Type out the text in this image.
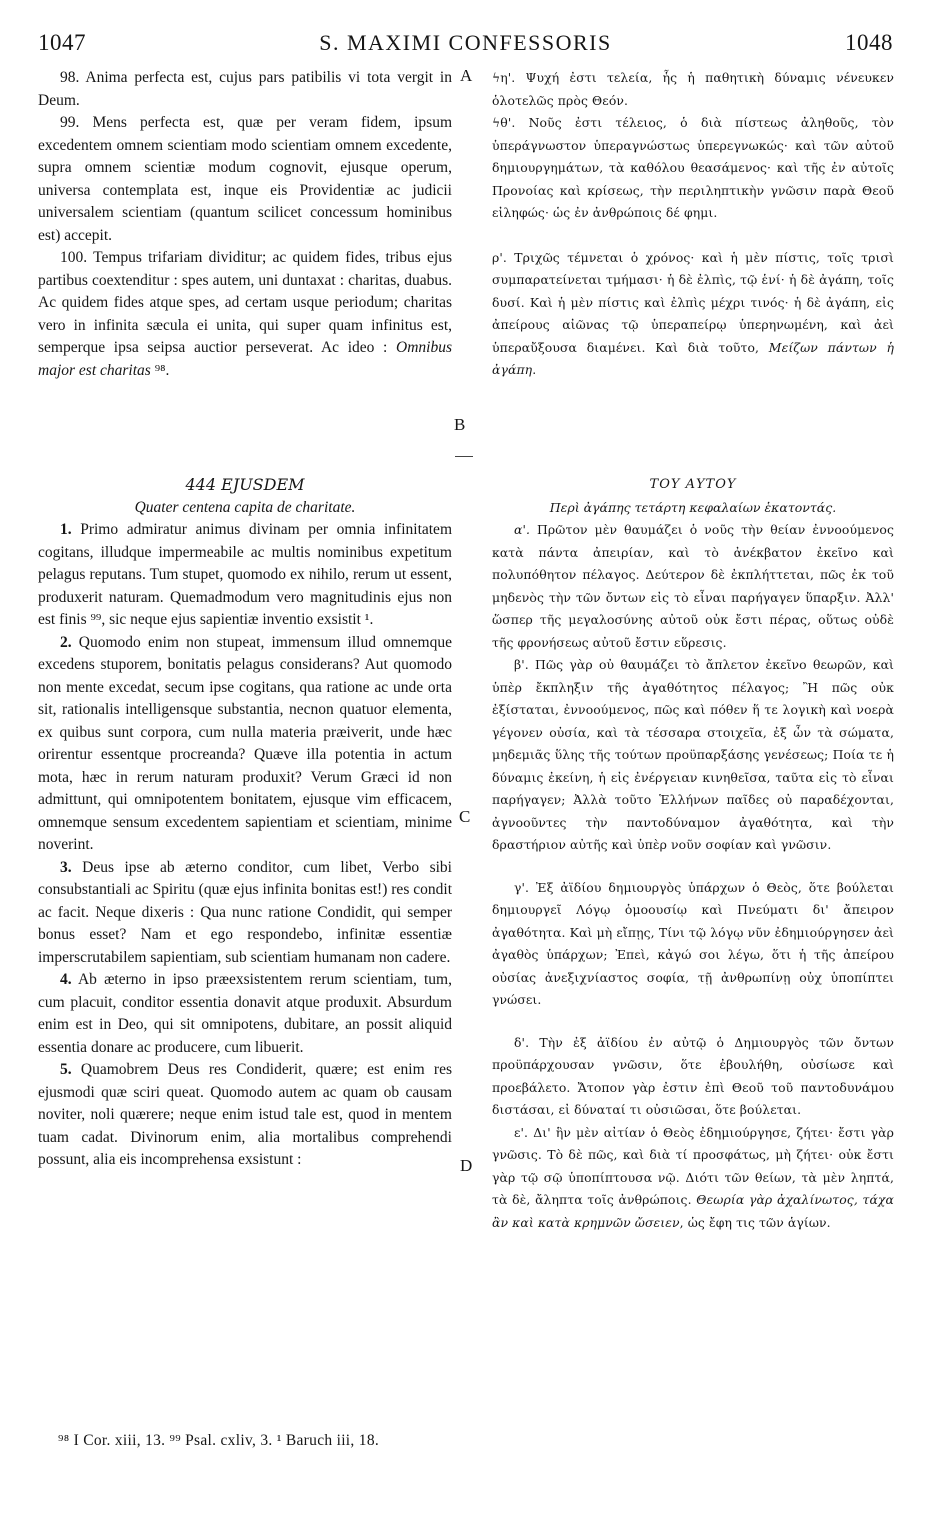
1047	S. MAXIMI CONFESSORIS	1048
A
B
C
D

98. Anima perfecta est, cujus pars patibilis vi tota vergit in Deum.

99. Mens perfecta est, quæ per veram fidem, ipsum excedentem omnem scientiam modo scientiam omnem excedente, supra omnem scientiæ modum cognovit, ejusque operum, universa contemplata est, inque eis Providentiæ ac judicii universalem scientiam (quantum scilicet concessum hominibus est) accepit.

100. Tempus trifariam dividitur; ac quidem fides, tribus ejus partibus coextenditur : spes autem, uni duntaxat : charitas, duabus. Ac quidem fides atque spes, ad certam usque periodum; charitas vero in infinita sæcula ei unita, qui super quam infinitus est, semperque ipsa seipsa auctior perseverat. Ac ideo : Omnibus major est charitas ⁹⁸.

ϟη'. Ψυχή ἐστι τελεία, ἧς ἡ παθητικὴ δύναμις νένευκεν ὁλοτελῶς πρὸς Θεόν.

ϟθ'. Νοῦς ἐστι τέλειος, ὁ διὰ πίστεως ἀληθοῦς, τὸν ὑπεράγνωστον ὑπεραγνώστως ὑπερεγνωκώς· καὶ τῶν αὐτοῦ δημιουργημάτων, τὰ καθόλου θεασάμενος· καὶ τῆς ἐν αὐτοῖς Προνοίας καὶ κρίσεως, τὴν περιληπτικὴν γνῶσιν παρὰ Θεοῦ εἰληφώς· ὡς ἐν ἀνθρώποις δέ φημι.

ρ'. Τριχῶς τέμνεται ὁ χρόνος· καὶ ἡ μὲν πίστις, τοῖς τρισὶ συμπαρατείνεται τμήμασι· ἡ δὲ ἐλπὶς, τῷ ἑνί· ἡ δὲ ἀγάπη, τοῖς δυσί. Καὶ ἡ μὲν πίστις καὶ ἐλπὶς μέχρι τινός· ἡ δὲ ἀγάπη, εἰς ἀπείρους αἰῶνας τῷ ὑπεραπείρῳ ὑπερηνωμένη, καὶ ἀεὶ ὑπεραὔξουσα διαμένει. Καὶ διὰ τοῦτο, Μείζων πάντων ἡ ἀγάπη.

444 EJUSDEM

Quater centena capita de charitate.

1. Primo admiratur animus divinam per omnia infinitatem cogitans, illudque impermeabile ac multis nominibus expetitum pelagus reputans. Tum stupet, quomodo ex nihilo, rerum ut essent, produxerit naturam. Quemadmodum vero magnitudinis ejus non est finis ⁹⁹, sic neque ejus sapientiæ inventio exsistit ¹.

2. Quomodo enim non stupeat, immensum illud omnemque excedens stuporem, bonitatis pelagus considerans? Aut quomodo non mente excedat, secum ipse cogitans, qua ratione ac unde orta sit, rationalis intelligensque substantia, necnon quatuor elementa, ex quibus sunt corpora, cum nulla materia præiverit, unde hæc orirentur essentque procreanda? Quæve illa potentia in actum mota, hæc in rerum naturam produxit? Verum Græci id non admittunt, qui omnipotentem bonitatem, ejusque vim efficacem, omnemque sensum excedentem sapientiam et scientiam, minime noverint.

3. Deus ipse ab æterno conditor, cum libet, Verbo sibi consubstantiali ac Spiritu (quæ ejus infinita bonitas est!) res condit ac facit. Neque dixeris : Qua nunc ratione Condidit, qui semper bonus esset? Nam et ego respondebo, infinitæ essentiæ imperscrutabilem sapientiam, sub scientiam humanam non cadere.

4. Ab æterno in ipso præexsistentem rerum scientiam, tum, cum placuit, conditor essentia donavit atque produxit. Absurdum enim est in Deo, qui sit omnipotens, dubitare, an possit aliquid essentia donare ac producere, cum libuerit.

5. Quamobrem Deus res Condiderit, quære; est enim res ejusmodi quæ sciri queat. Quomodo autem ac quam ob causam noviter, noli quærere; neque enim istud tale est, quod in mentem tuam cadat. Divinorum enim, alia mortalibus comprehendi possunt, alia eis incomprehensa exsistunt :

ΤΟΥ ΑΥΤΟΥ

Περὶ ἀγάπης τετάρτη κεφαλαίων ἑκατοντάς.

α'. Πρῶτον μὲν θαυμάζει ὁ νοῦς τὴν θείαν ἐννοούμενος κατὰ πάντα ἀπειρίαν, καὶ τὸ ἀνέκβατον ἐκεῖνο καὶ πολυπόθητον πέλαγος. Δεύτερον δὲ ἐκπλήττεται, πῶς ἐκ τοῦ μηδενὸς τὴν τῶν ὄντων εἰς τὸ εἶναι παρήγαγεν ὕπαρξιν. Ἀλλ' ὥσπερ τῆς μεγαλοσύνης αὐτοῦ οὐκ ἔστι πέρας, οὕτως οὐδὲ τῆς φρονήσεως αὐτοῦ ἔστιν εὕρεσις.

β'. Πῶς γὰρ οὐ θαυμάζει τὸ ἄπλετον ἐκεῖνο θεωρῶν, καὶ ὑπὲρ ἔκπληξιν τῆς ἀγαθότητος πέλαγος; Ἢ πῶς οὐκ ἐξίσταται, ἐννοούμενος, πῶς καὶ πόθεν ἥ τε λογικὴ καὶ νοερὰ γέγονεν οὐσία, καὶ τὰ τέσσαρα στοιχεῖα, ἐξ ὧν τὰ σώματα, μηδεμιᾶς ὕλης τῆς τούτων προϋπαρξάσης γενέσεως; Ποία τε ἡ δύναμις ἐκείνη, ἡ εἰς ἐνέργειαν κινηθεῖσα, ταῦτα εἰς τὸ εἶναι παρήγαγεν; Ἀλλὰ τοῦτο Ἑλλήνων παῖδες οὐ παραδέχονται, ἀγνοοῦντες τὴν παντοδύναμον ἀγαθότητα, καὶ τὴν δραστήριον αὐτῆς καὶ ὑπὲρ νοῦν σοφίαν καὶ γνῶσιν.

γ'. Ἐξ ἀϊδίου δημιουργὸς ὑπάρχων ὁ Θεὸς, ὅτε βούλεται δημιουργεῖ Λόγῳ ὁμοουσίῳ καὶ Πνεύματι δι' ἄπειρον ἀγαθότητα. Καὶ μὴ εἴπῃς, Τίνι τῷ λόγῳ νῦν ἐδημιούργησεν ἀεὶ ἀγαθὸς ὑπάρχων; Ἐπεὶ, κἀγώ σοι λέγω, ὅτι ἡ τῆς ἀπείρου οὐσίας ἀνεξιχνίαστος σοφία, τῇ ἀνθρωπίνῃ οὐχ ὑποπίπτει γνώσει.

δ'. Τὴν ἐξ ἀϊδίου ἐν αὐτῷ ὁ Δημιουργὸς τῶν ὄντων προϋπάρχουσαν γνῶσιν, ὅτε ἐβουλήθη, οὐσίωσε καὶ προεβάλετο. Ἄτοπον γὰρ ἐστιν ἐπὶ Θεοῦ τοῦ παντοδυνάμου διστάσαι, εἰ δύναταί τι οὐσιῶσαι, ὅτε βούλεται.

ε'. Δι' ἣν μὲν αἰτίαν ὁ Θεὸς ἐδημιούργησε, ζήτει· ἔστι γὰρ γνῶσις. Τὸ δὲ πῶς, καὶ διὰ τί προσφάτως, μὴ ζήτει· οὐκ ἔστι γὰρ τῷ σῷ ὑποπίπτουσα νῷ. Διότι τῶν θείων, τὰ μὲν ληπτά, τὰ δὲ, ἄληπτα τοῖς ἀνθρώποις. Θεωρία γὰρ ἀχαλίνωτος, τάχα ἂν καὶ κατὰ κρημνῶν ὤσειεν, ὡς ἔφη τις τῶν ἁγίων.

⁹⁸ I Cor. xiii, 13. ⁹⁹ Psal. cxliv, 3. ¹ Baruch iii, 18.
